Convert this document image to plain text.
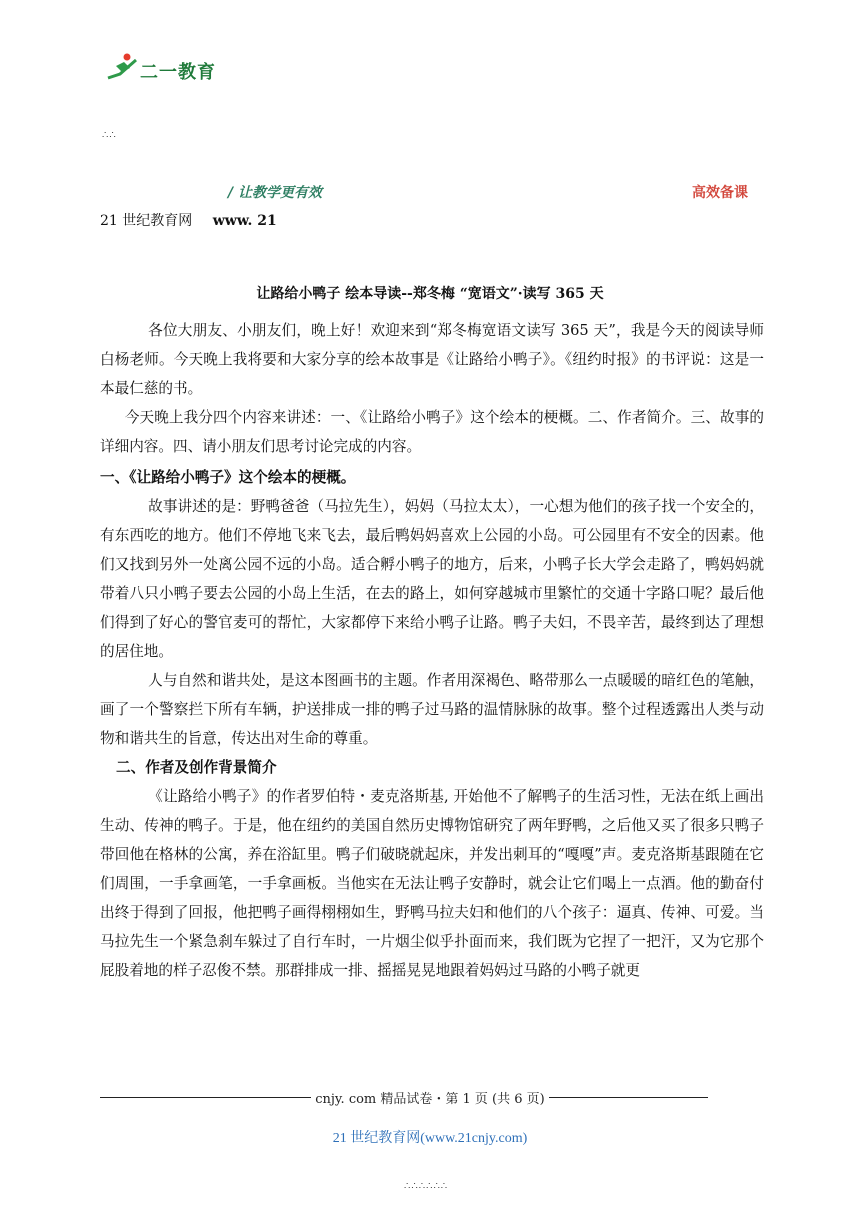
二一教育
∴∴
/ 让教学更有效	高效备课
21 世纪教育网 www. 21
让路给小鸭子 绘本导读--郑冬梅 “宽语文”·读写 365 天

各位大朋友、小朋友们，晚上好！欢迎来到“郑冬梅宽语文读写 365 天”，我是今天的阅读导师白杨老师。今天晚上我将要和大家分享的绘本故事是《让路给小鸭子》。《纽约时报》的书评说：这是一本最仁慈的书。

今天晚上我分四个内容来讲述：一、《让路给小鸭子》这个绘本的梗概。二、作者简介。三、故事的详细内容。四、请小朋友们思考讨论完成的内容。

一、《让路给小鸭子》这个绘本的梗概。

故事讲述的是：野鸭爸爸（马拉先生），妈妈（马拉太太），一心想为他们的孩子找一个安全的，有东西吃的地方。他们不停地飞来飞去，最后鸭妈妈喜欢上公园的小岛。可公园里有不安全的因素。他们又找到另外一处离公园不远的小岛。适合孵小鸭子的地方，后来，小鸭子长大学会走路了，鸭妈妈就带着八只小鸭子要去公园的小岛上生活，在去的路上，如何穿越城市里繁忙的交通十字路口呢？最后他们得到了好心的警官麦可的帮忙，大家都停下来给小鸭子让路。鸭子夫妇，不畏辛苦，最终到达了理想的居住地。

人与自然和谐共处，是这本图画书的主题。作者用深褐色、略带那么一点暖暖的暗红色的笔触，画了一个警察拦下所有车辆，护送排成一排的鸭子过马路的温情脉脉的故事。整个过程透露出人类与动物和谐共生的旨意，传达出对生命的尊重。

二、作者及创作背景简介

《让路给小鸭子》的作者罗伯特・麦克洛斯基, 开始他不了解鸭子的生活习性，无法在纸上画出生动、传神的鸭子。于是，他在纽约的美国自然历史博物馆研究了两年野鸭，之后他又买了很多只鸭子带回他在格林的公寓，养在浴缸里。鸭子们破晓就起床，并发出刺耳的“嘎嘎”声。麦克洛斯基跟随在它们周围，一手拿画笔，一手拿画板。当他实在无法让鸭子安静时，就会让它们喝上一点酒。他的勤奋付出终于得到了回报，他把鸭子画得栩栩如生，野鸭马拉夫妇和他们的八个孩子：逼真、传神、可爱。当马拉先生一个紧急刹车躲过了自行车时，一片烟尘似乎扑面而来，我们既为它捏了一把汗，又为它那个屁股着地的样子忍俊不禁。那群排成一排、摇摇晃晃地跟着妈妈过马路的小鸭子就更

cnjy. com 精品试卷・第 1 页 (共 6 页)
21 世纪教育网(www.21cnjy.com)
∴∴∴∴∴∴
